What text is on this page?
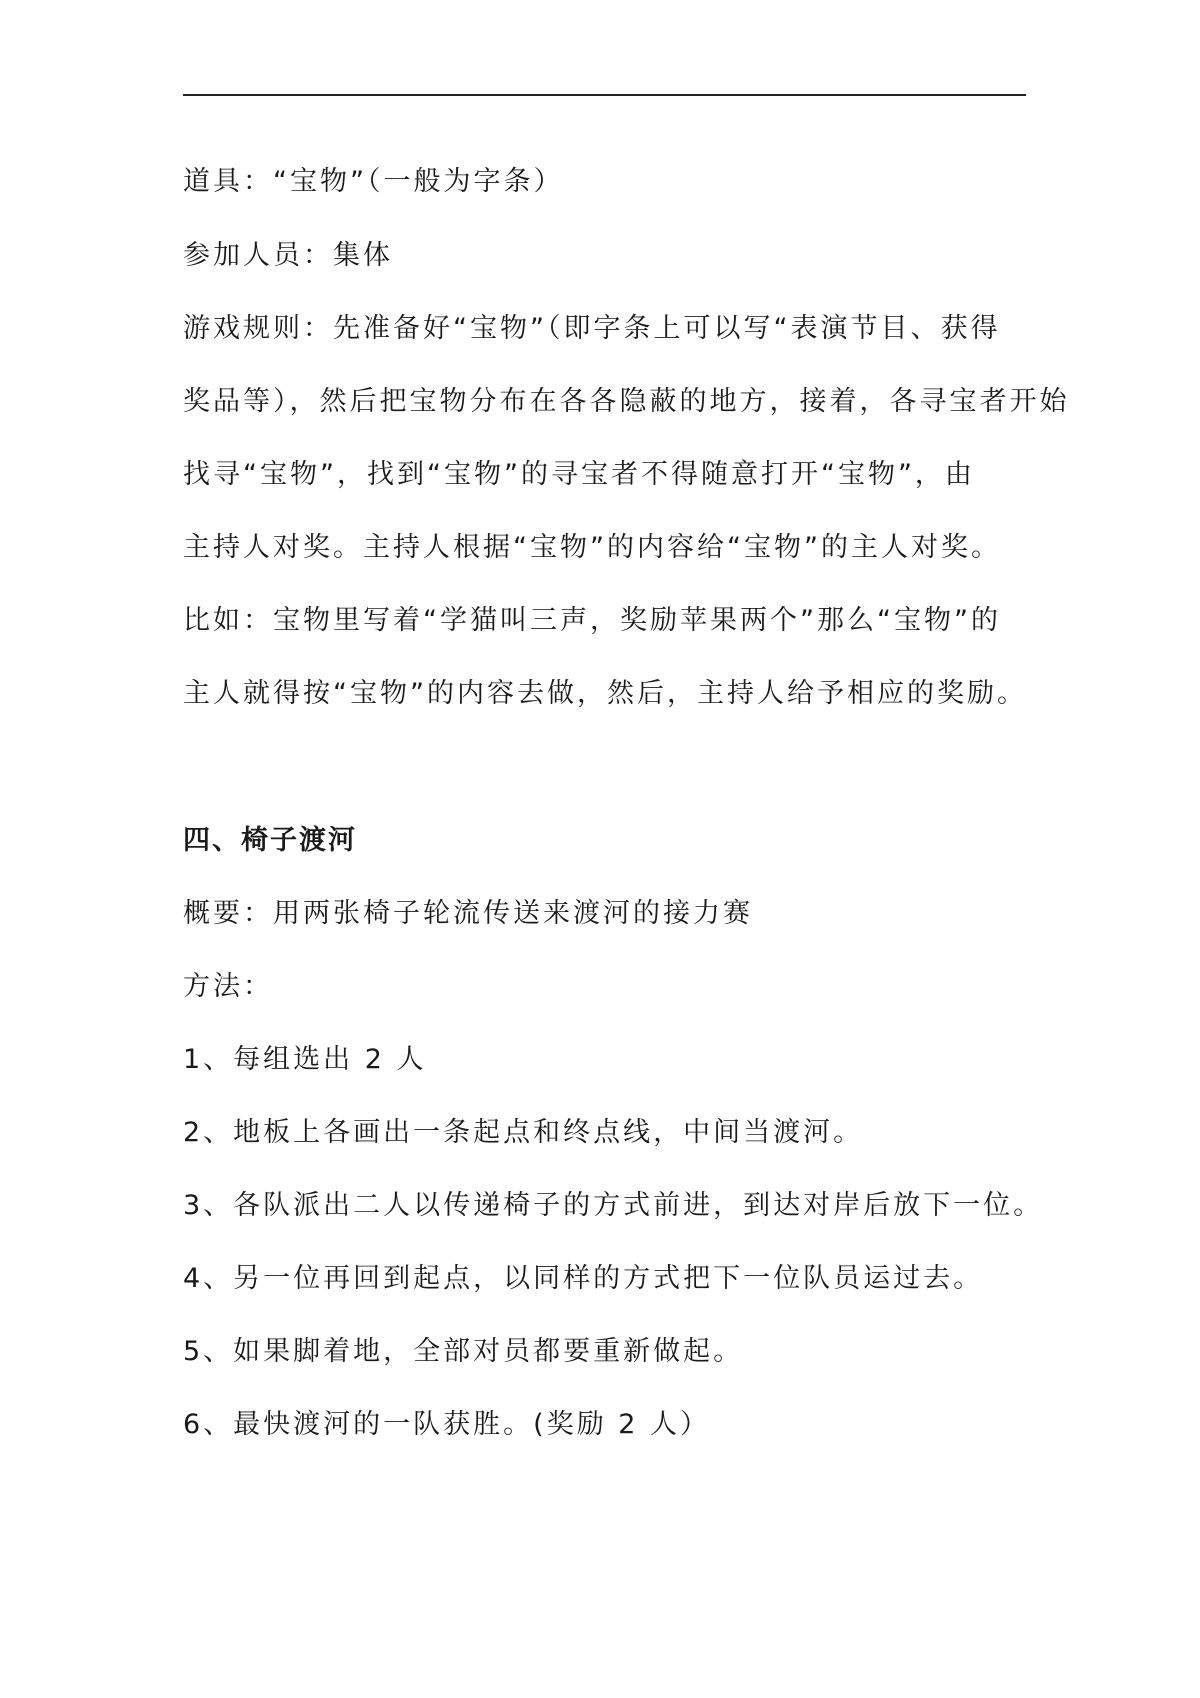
道具：“宝物”（一般为字条）
参加人员：集体
游戏规则：先准备好“宝物”（即字条上可以写“表演节目、获得
奖品等），然后把宝物分布在各各隐蔽的地方，接着，各寻宝者开始
找寻“宝物”，找到“宝物”的寻宝者不得随意打开“宝物”，由
主持人对奖。主持人根据“宝物”的内容给“宝物”的主人对奖。
比如：宝物里写着“学猫叫三声，奖励苹果两个”那么“宝物”的
主人就得按“宝物”的内容去做，然后，主持人给予相应的奖励。
四、椅子渡河
概要：用两张椅子轮流传送来渡河的接力赛
方法：
1、每组选出 2 人
2、地板上各画出一条起点和终点线，中间当渡河。
3、各队派出二人以传递椅子的方式前进，到达对岸后放下一位。
4、另一位再回到起点，以同样的方式把下一位队员运过去。
5、如果脚着地，全部对员都要重新做起。
6、最快渡河的一队获胜。(奖励 2 人）
